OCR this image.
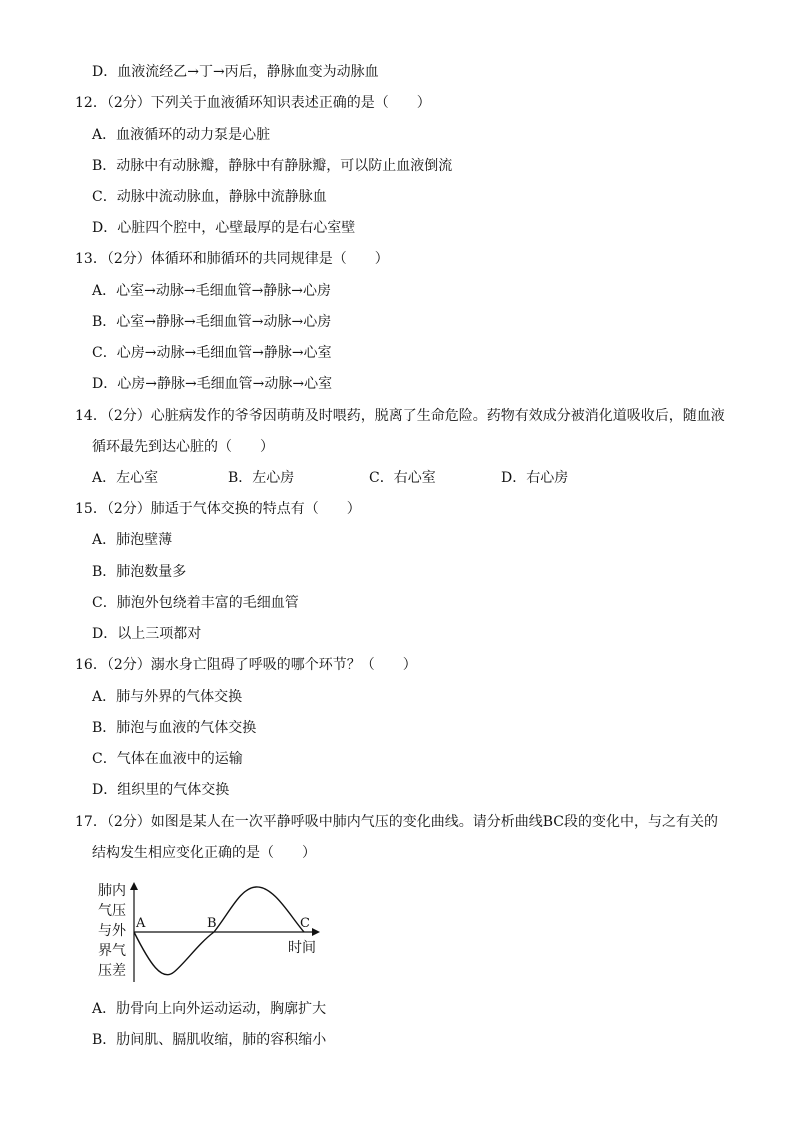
D．血液流经乙→丁→丙后，静脉血变为动脉血
12．（2分）下列关于血液循环知识表述正确的是（　　）
A．血液循环的动力泵是心脏
B．动脉中有动脉瓣，静脉中有静脉瓣，可以防止血液倒流
C．动脉中流动脉血，静脉中流静脉血
D．心脏四个腔中，心壁最厚的是右心室壁
13．（2分）体循环和肺循环的共同规律是（　　）
A．心室→动脉→毛细血管→静脉→心房
B．心室→静脉→毛细血管→动脉→心房
C．心房→动脉→毛细血管→静脉→心室
D．心房→静脉→毛细血管→动脉→心室
14．（2分）心脏病发作的爷爷因萌萌及时喂药，脱离了生命危险。药物有效成分被消化道吸收后，随血液
循环最先到达心脏的（　　）
A．左心室	B．左心房	C．右心室	D．右心房
15．（2分）肺适于气体交换的特点有（　　）
A．肺泡壁薄
B．肺泡数量多
C．肺泡外包绕着丰富的毛细血管
D．以上三项都对
16．（2分）溺水身亡阻碍了呼吸的哪个环节？（　　）
A．肺与外界的气体交换
B．肺泡与血液的气体交换
C．气体在血液中的运输
D．组织里的气体交换
17．（2分）如图是某人在一次平静呼吸中肺内气压的变化曲线。请分析曲线BC段的变化中，与之有关的
结构发生相应变化正确的是（　　）
肺内
气压
与外
界气
压差
A	B	C
时间
A．肋骨向上向外运动运动，胸廓扩大
B．肋间肌、膈肌收缩，肺的容积缩小
